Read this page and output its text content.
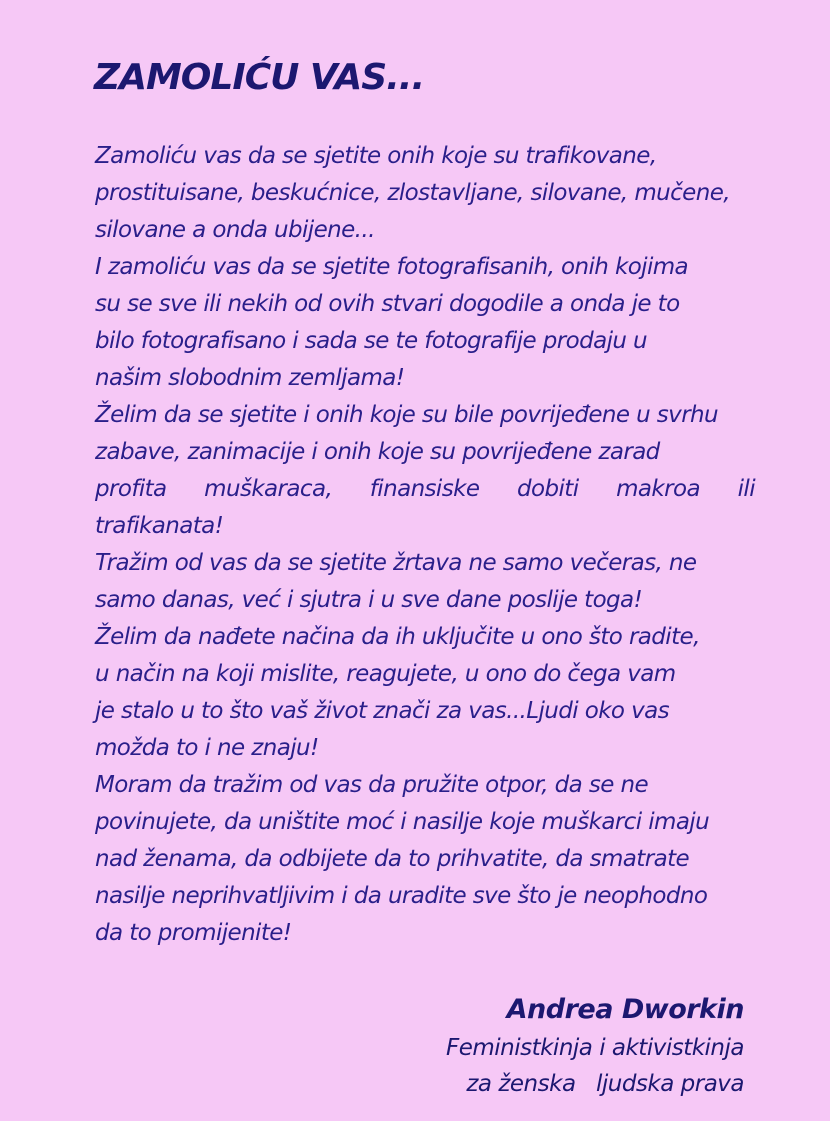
ZAMOLIĆU VAS...
Zamoliću vas da se sjetite onih koje su trafikovane,
prostituisane, beskućnice, zlostavljane, silovane, mučene,
silovane a onda ubijene...
I zamoliću vas da se sjetite fotografisanih, onih kojima
su se sve ili nekih od ovih stvari dogodile a onda je to
bilo fotografisano i sada se te fotografije prodaju u
našim slobodnim zemljama!
Želim da se sjetite i onih koje su bile povrijeđene u svrhu
zabave, zanimacije i onih koje su povrijeđene zarad
profita muškaraca, finansiske dobiti makroa ili
trafikanata!
Tražim od vas da se sjetite žrtava ne samo večeras, ne
samo danas, već i sjutra i u sve dane poslije toga!
Želim da nađete načina da ih uključite u ono što radite,
u način na koji mislite, reagujete, u ono do čega vam
je stalo u to što vaš život znači za vas...Ljudi oko vas
možda to i ne znaju!
Moram da tražim od vas da pružite otpor, da se ne
povinujete, da uništite moć i nasilje koje muškarci imaju
nad ženama, da odbijete da to prihvatite, da smatrate
nasilje neprihvatljivim i da uradite sve što je neophodno
da to promijenite!
Andrea Dworkin
Feministkinja i aktivistkinja
za ženska   ljudska prava
